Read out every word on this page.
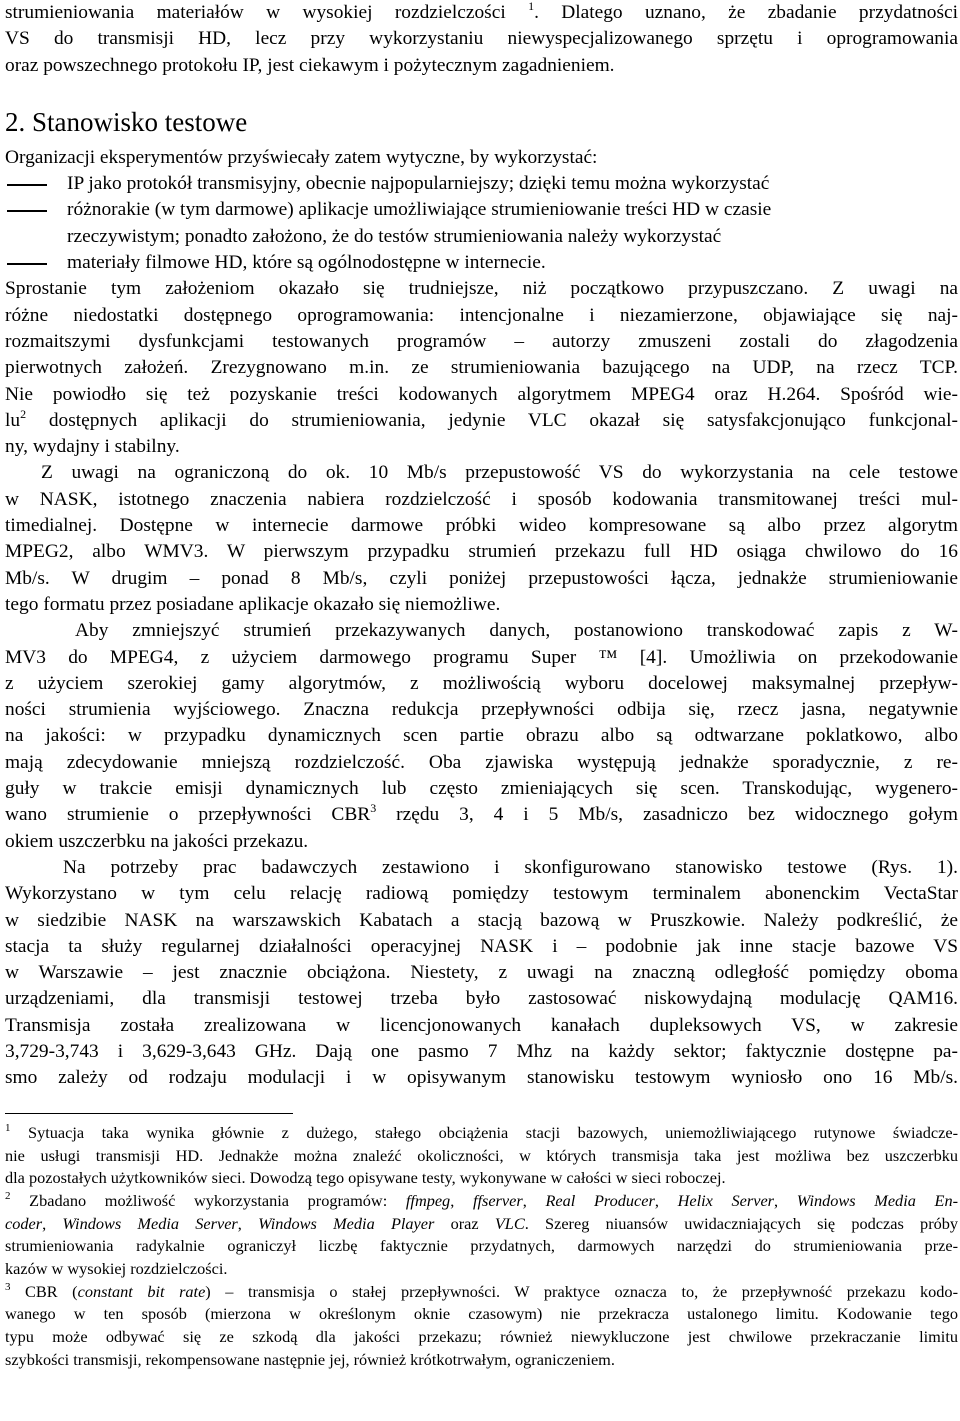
strumieniowania materiałów w wysokiej rozdzielczości $^1$. Dlatego uznano, że zbadanie przydatności
VS do transmisji HD, lecz przy wykorzystaniu niewyspecjalizowanego sprzętu i oprogramowania
oraz powszechnego protokołu IP, jest ciekawym i pożytecznym zagadnieniem.
2. Stanowisko testowe
Organizacji eksperymentów przyświecały zatem wytyczne, by wykorzystać:
IP jako protokół transmisyjny, obecnie najpopularniejszy; dzięki temu można wykorzystać
różnorakie (w tym darmowe) aplikacje umożliwiające strumieniowanie treści HD w czasie
rzeczywistym; ponadto założono, że do testów strumieniowania należy wykorzystać
materiały filmowe HD, które są ogólnodostępne w internecie.
Sprostanie tym założeniom okazało się trudniejsze, niż początkowo przypuszczano. Z uwagi na
różne niedostatki dostępnego oprogramowania: intencjonalne i niezamierzone, objawiające się naj-
rozmaitszymi dysfunkcjami testowanych programów – autorzy zmuszeni zostali do złagodzenia
pierwotnych założeń. Zrezygnowano m.in. ze strumieniowania bazującego na UDP, na rzecz TCP.
Nie powiodło się też pozyskanie treści kodowanych algorytmem MPEG4 oraz H.264. Spośród wie-
$lu^2$ dostępnych aplikacji do strumieniowania, jedynie VLC okazał się satysfakcjonująco funkcjonal-
ny, wydajny i stabilny.
Z uwagi na ograniczoną do ok. 10 Mb/s przepustowość VS do wykorzystania na cele testowe
w NASK, istotnego znaczenia nabiera rozdzielczość i sposób kodowania transmitowanej treści mul-
timedialnej. Dostępne w internecie darmowe próbki wideo kompresowane są albo przez algorytm
MPEG2, albo WMV3. W pierwszym przypadku strumień przekazu full HD osiąga chwilowo do 16
Mb/s. W drugim – ponad 8 Mb/s, czyli poniżej przepustowości łącza, jednakże strumieniowanie
tego formatu przez posiadane aplikacje okazało się niemożliwe.
Aby zmniejszyć strumień przekazywanych danych, postanowiono transkodować zapis z W-
MV3 do MPEG4, z użyciem darmowego programu Super ™ [4]. Umożliwia on przekodowanie
z użyciem szerokiej gamy algorytmów, z możliwością wyboru docelowej maksymalnej przepływ-
ności strumienia wyjściowego. Znaczna redukcja przepływności odbija się, rzecz jasna, negatywnie
na jakości: w przypadku dynamicznych scen partie obrazu albo są odtwarzane poklatkowo, albo
mają zdecydowanie mniejszą rozdzielczość. Oba zjawiska występują jednakże sporadycznie, z re-
guły w trakcie emisji dynamicznych lub często zmieniających się scen. Transkodując, wygenero-
wano strumienie o przepływności CBR$^3$ rzędu 3, 4 i 5 Mb/s, zasadniczo bez widocznego gołym
okiem uszczerbku na jakości przekazu.
Na potrzeby prac badawczych zestawiono i skonfigurowano stanowisko testowe (Rys. 1).
Wykorzystano w tym celu relację radiową pomiędzy testowym terminalem abonenckim VectaStar
w siedzibie NASK na warszawskich Kabatach a stacją bazową w Pruszkowie. Należy podkreślić, że
stacja ta służy regularnej działalności operacyjnej NASK i – podobnie jak inne stacje bazowe VS
w Warszawie – jest znacznie obciążona. Niestety, z uwagi na znaczną odległość pomiędzy oboma
urządzeniami, dla transmisji testowej trzeba było zastosować niskowydajną modulację QAM16.
Transmisja została zrealizowana w licencjonowanych kanałach dupleksowych VS, w zakresie
3,729-3,743 i 3,629-3,643 GHz. Dają one pasmo 7 Mhz na każdy sektor; faktycznie dostępne pa-
smo zależy od rodzaju modulacji i w opisywanym stanowisku testowym wyniosło ono 16 Mb/s.
$^1$ Sytuacja taka wynika głównie z dużego, stałego obciążenia stacji bazowych, uniemożliwiającego rutynowe świadcze-
nie usługi transmisji HD. Jednakże można znaleźć okoliczności, w których transmisja taka jest możliwa bez uszczerbku
dla pozostałych użytkowników sieci. Dowodzą tego opisywane testy, wykonywane w całości w sieci roboczej.
$^2$ Zbadano możliwość wykorzystania programów: ffmpeg, ffserver, Real Producer, Helix Server, Windows Media En-
coder, Windows Media Server, Windows Media Player oraz VLC. Szereg niuansów uwidaczniających się podczas próby
strumieniowania radykalnie ograniczył liczbę faktycznie przydatnych, darmowych narzędzi do strumieniowania prze-
kazów w wysokiej rozdzielczości.
$^3$ CBR (constant bit rate) – transmisja o stałej przepływności. W praktyce oznacza to, że przepływność przekazu kodo-
wanego w ten sposób (mierzona w określonym oknie czasowym) nie przekracza ustalonego limitu. Kodowanie tego
typu może odbywać się ze szkodą dla jakości przekazu; również niewykluczone jest chwilowe przekraczanie limitu
szybkości transmisji, rekompensowane następnie jej, również krótkotrwałym, ograniczeniem.
